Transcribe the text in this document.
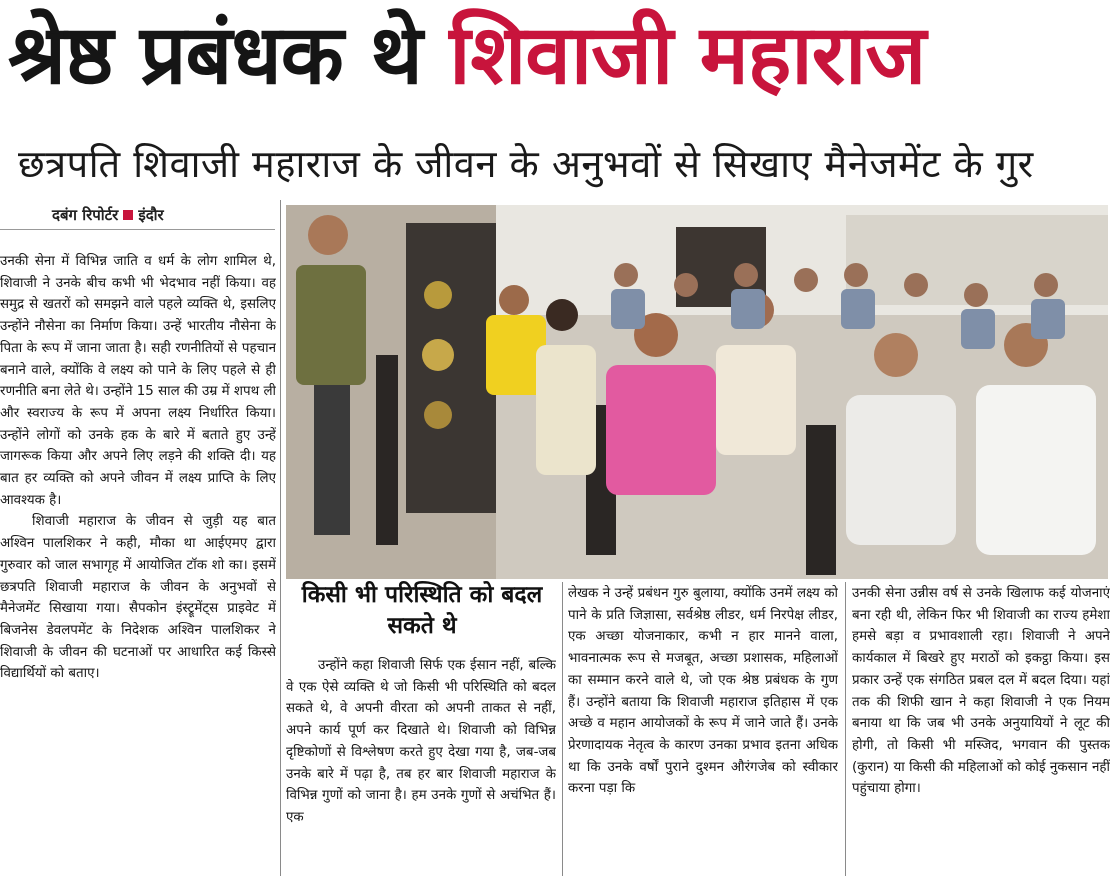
श्रेष्ठ प्रबंधक थे शिवाजी महाराज
छत्रपति शिवाजी महाराज के जीवन के अनुभवों से सिखाए मैनेजमेंट के गुर
दबंग रिपोर्टर इंदौर

उनकी सेना में विभिन्न जाति व धर्म के लोग शामिल थे, शिवाजी ने उनके बीच कभी भी भेदभाव नहीं किया। वह समुद्र से खतरों को समझने वाले पहले व्यक्ति थे, इसलिए उन्होंने नौसेना का निर्माण किया। उन्हें भारतीय नौसेना के पिता के रूप में जाना जाता है। सही रणनीतियों से पहचान बनाने वाले, क्योंकि वे लक्ष्य को पाने के लिए पहले से ही रणनीति बना लेते थे। उन्होंने 15 साल की उम्र में शपथ ली और स्वराज्य के रूप में अपना लक्ष्य निर्धारित किया। उन्होंने लोगों को उनके हक के बारे में बताते हुए उन्हें जागरूक किया और अपने लिए लड़ने की शक्ति दी। यह बात हर व्यक्ति को अपने जीवन में लक्ष्य प्राप्ति के लिए आवश्यक है।

शिवाजी महाराज के जीवन से जुड़ी यह बात अश्विन पालशिकर ने कही, मौका था आईएमए द्वारा गुरुवार को जाल सभागृह में आयोजित टॉक शो का। इसमें छत्रपति शिवाजी महाराज के जीवन के अनुभवों से मैनेजमेंट सिखाया गया। सैपकोन इंस्ट्रूमेंट्स प्राइवेट में बिजनेस डेवलपमेंट के निदेशक अश्विन पालशिकर ने शिवाजी के जीवन की घटनाओं पर आधारित कई किस्से विद्यार्थियों को बताए।

किसी भी परिस्थिति को बदल सकते थे

उन्होंने कहा शिवाजी सिर्फ एक ईसान नहीं, बल्कि वे एक ऐसे व्यक्ति थे जो किसी भी परिस्थिति को बदल सकते थे, वे अपनी वीरता को अपनी ताकत से नहीं, अपने कार्य पूर्ण कर दिखाते थे। शिवाजी को विभिन्न दृष्टिकोणों से विश्लेषण करते हुए देखा गया है, जब-जब उनके बारे में पढ़ा है, तब हर बार शिवाजी महाराज के विभिन्न गुणों को जाना है। हम उनके गुणों से अचंभित हैं। एक

लेखक ने उन्हें प्रबंधन गुरु बुलाया, क्योंकि उनमें लक्ष्य को पाने के प्रति जिज्ञासा, सर्वश्रेष्ठ लीडर, धर्म निरपेक्ष लीडर, एक अच्छा योजनाकार, कभी न हार मानने वाला, भावनात्मक रूप से मजबूत, अच्छा प्रशासक, महिलाओं का सम्मान करने वाले थे, जो एक श्रेष्ठ प्रबंधक के गुण हैं। उन्होंने बताया कि शिवाजी महाराज इतिहास में एक अच्छे व महान आयोजकों के रूप में जाने जाते हैं। उनके प्रेरणादायक नेतृत्व के कारण उनका प्रभाव इतना अधिक था कि उनके वर्षों पुराने दुश्मन औरंगजेब को स्वीकार करना पड़ा कि

उनकी सेना उन्नीस वर्ष से उनके खिलाफ कई योजनाएं बना रही थी, लेकिन फिर भी शिवाजी का राज्य हमेशा हमसे बड़ा व प्रभावशाली रहा। शिवाजी ने अपने कार्यकाल में बिखरे हुए मराठों को इकट्ठा किया। इस प्रकार उन्हें एक संगठित प्रबल दल में बदल दिया। यहां तक की शिफी खान ने कहा शिवाजी ने एक नियम बनाया था कि जब भी उनके अनुयायियों ने लूट की होगी, तो किसी भी मस्जिद, भगवान की पुस्तक (कुरान) या किसी की महिलाओं को कोई नुकसान नहीं पहुंचाया होगा।
